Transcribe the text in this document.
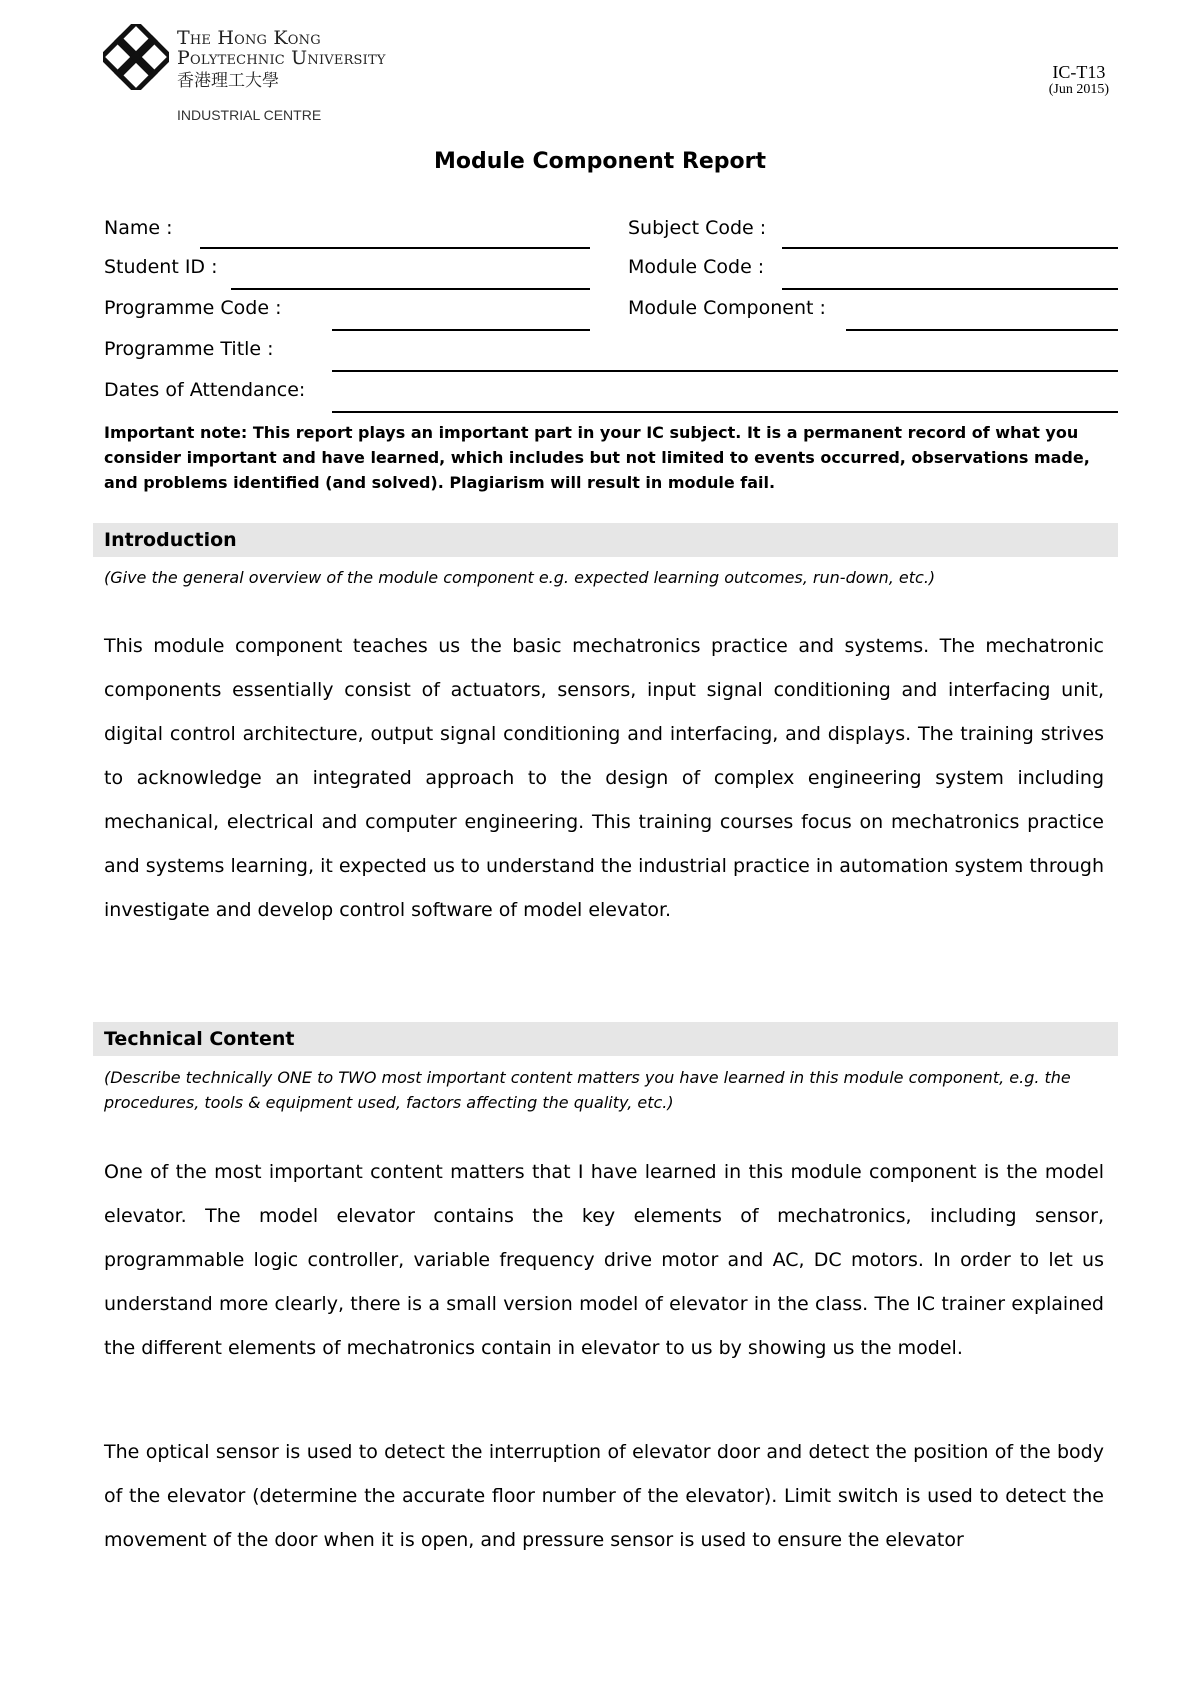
The Hong Kong
Polytechnic University
香港理工大學
INDUSTRIAL CENTRE
IC-T13
(Jun 2015)
Module Component Report
Name :	Subject Code :
Student ID :	Module Code :
Programme Code :	Module Component :
Programme Title :
Dates of Attendance:
Important note: This report plays an important part in your IC subject. It is a permanent record of what you consider important and have learned, which includes but not limited to events occurred, observations made, and problems identified (and solved). Plagiarism will result in module fail.
Introduction
(Give the general overview of the module component e.g. expected learning outcomes, run-down, etc.)
This module component teaches us the basic mechatronics practice and systems. The mechatronic components essentially consist of actuators, sensors, input signal conditioning and interfacing unit, digital control architecture, output signal conditioning and interfacing, and displays. The training strives to acknowledge an integrated approach to the design of complex engineering system including mechanical, electrical and computer engineering. This training courses focus on mechatronics practice and systems learning, it expected us to understand the industrial practice in automation system through investigate and develop control software of model elevator.
Technical Content
(Describe technically ONE to TWO most important content matters you have learned in this module component, e.g. the procedures, tools & equipment used, factors affecting the quality, etc.)
One of the most important content matters that I have learned in this module component is the model elevator. The model elevator contains the key elements of mechatronics, including sensor, programmable logic controller, variable frequency drive motor and AC, DC motors. In order to let us understand more clearly, there is a small version model of elevator in the class. The IC trainer explained the different elements of mechatronics contain in elevator to us by showing us the model.
The optical sensor is used to detect the interruption of elevator door and detect the position of the body of the elevator (determine the accurate floor number of the elevator). Limit switch is used to detect the movement of the door when it is open, and pressure sensor is used to ensure the elevator
